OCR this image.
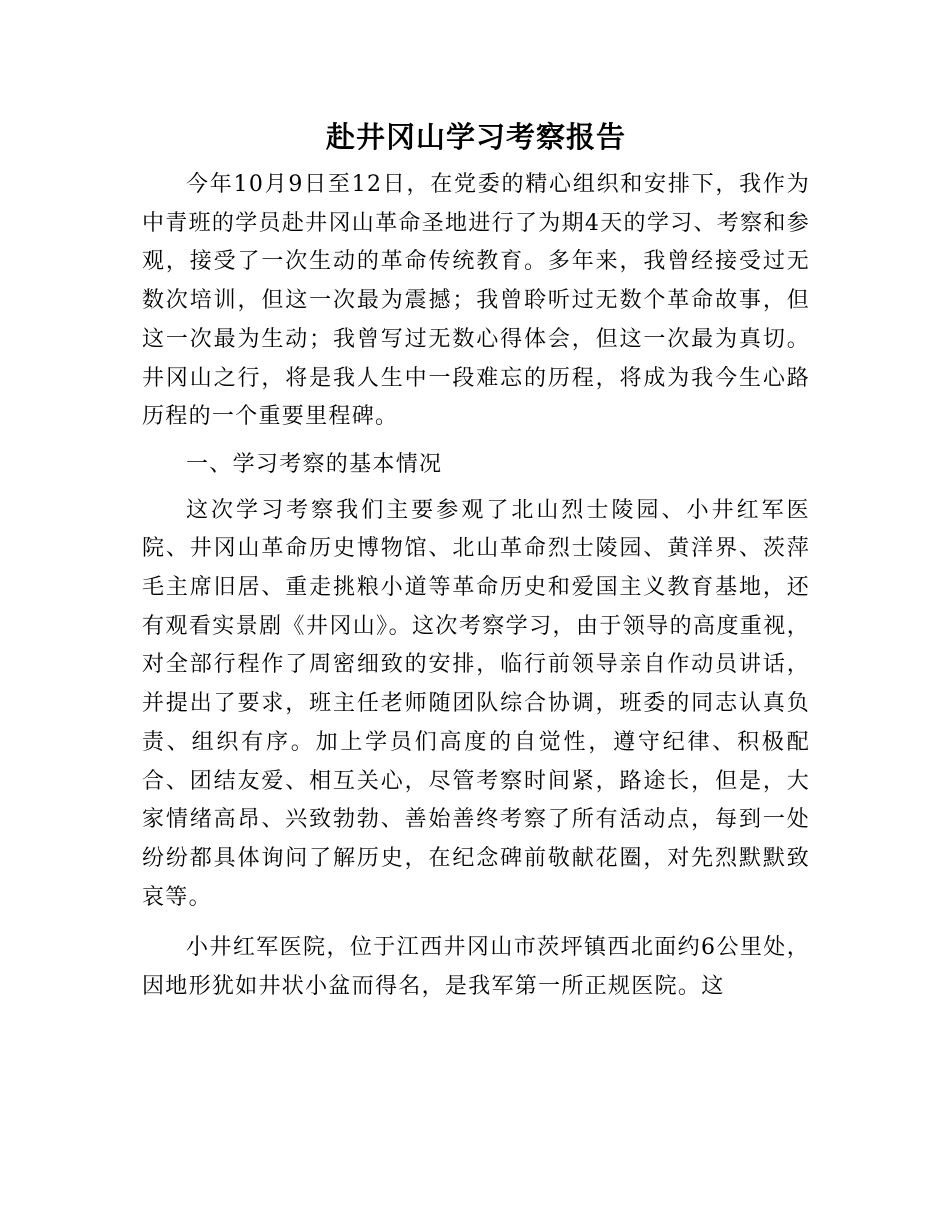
赴井冈山学习考察报告

今年10月9日至12日，在党委的精心组织和安排下，我作为中青班的学员赴井冈山革命圣地进行了为期4天的学习、考察和参观，接受了一次生动的革命传统教育。多年来，我曾经接受过无数次培训，但这一次最为震撼；我曾聆听过无数个革命故事，但这一次最为生动；我曾写过无数心得体会，但这一次最为真切。井冈山之行，将是我人生中一段难忘的历程，将成为我今生心路历程的一个重要里程碑。

一、学习考察的基本情况

这次学习考察我们主要参观了北山烈士陵园、小井红军医院、井冈山革命历史博物馆、北山革命烈士陵园、黄洋界、茨萍毛主席旧居、重走挑粮小道等革命历史和爱国主义教育基地，还有观看实景剧《井冈山》。这次考察学习，由于领导的高度重视，对全部行程作了周密细致的安排，临行前领导亲自作动员讲话，并提出了要求，班主任老师随团队综合协调，班委的同志认真负责、组织有序。加上学员们高度的自觉性，遵守纪律、积极配合、团结友爱、相互关心，尽管考察时间紧，路途长，但是，大家情绪高昂、兴致勃勃、善始善终考察了所有活动点，每到一处纷纷都具体询问了解历史，在纪念碑前敬献花圈，对先烈默默致哀等。

小井红军医院，位于江西井冈山市茨坪镇西北面约6公里处，因地形犹如井状小盆而得名，是我军第一所正规医院。这
